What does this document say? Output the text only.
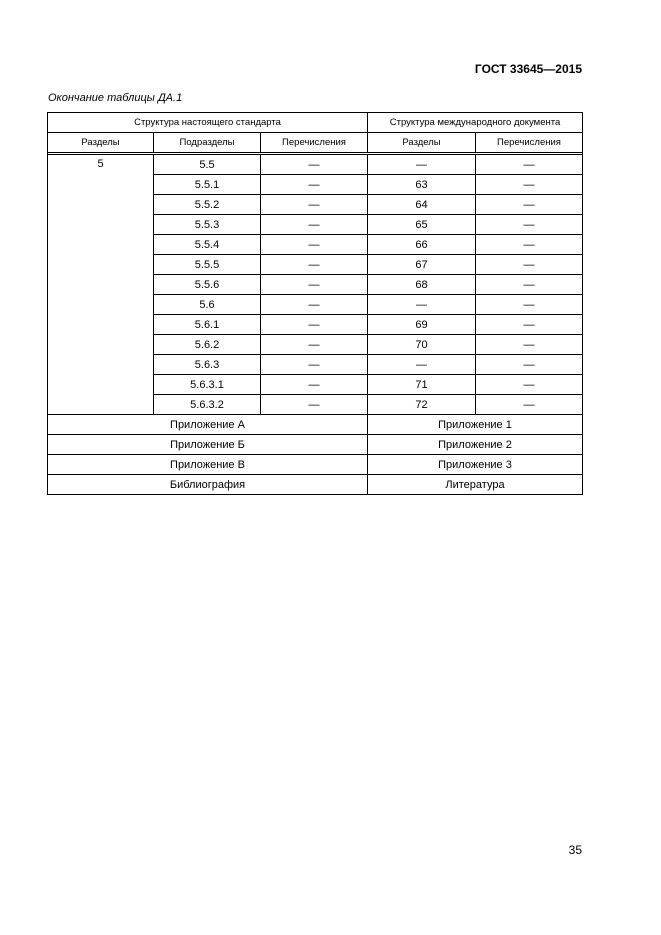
ГОСТ 33645—2015
Окончание таблицы ДА.1
Структура настоящего стандарта			Структура международного документа	
Разделы	Подразделы	Перечисления	Разделы	Перечисления

5	5.5	—	—	—
	5.5.1	—	63	—
	5.5.2	—	64	—
	5.5.3	—	65	—
	5.5.4	—	66	—
	5.5.5	—	67	—
	5.5.6	—	68	—
	5.6	—	—	—
	5.6.1	—	69	—
	5.6.2	—	70	—
	5.6.3	—	—	—
	5.6.3.1	—	71	—
	5.6.3.2	—	72	—
Приложение А			Приложение 1	
Приложение Б			Приложение 2	
Приложение В			Приложение 3	
Библиография			Литература	
35
